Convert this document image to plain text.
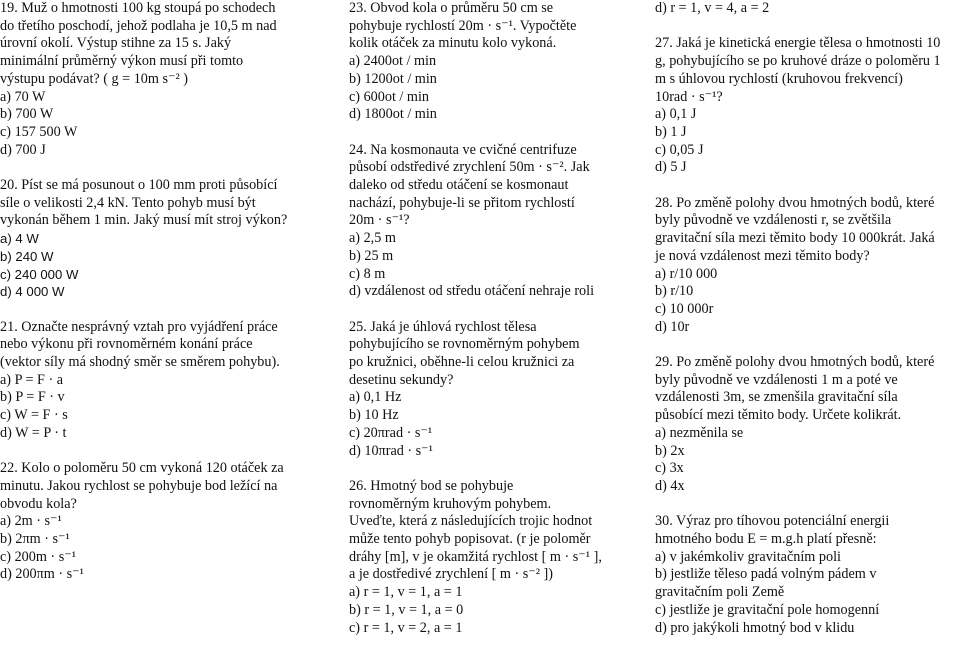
19. Muž o hmotnosti 100 kg stoupá po schodech
do třetího poschodí, jehož podlaha je 10,5 m nad
úrovní okolí. Výstup stihne za 15 s. Jaký
minimální průměrný výkon musí při tomto
výstupu podávat? ( g = 10m s⁻² )
a) 70 W
b) 700 W
c) 157 500 W
d) 700 J
20. Píst se má posunout o 100 mm proti působící
síle o velikosti 2,4 kN. Tento pohyb musí být
vykonán během 1 min. Jaký musí mít stroj výkon?
a) 4 W
b) 240 W
c) 240 000 W
d) 4 000 W
21. Označte nesprávný vztah pro vyjádření práce
nebo výkonu při rovnoměrném konání práce
(vektor síly má shodný směr se směrem pohybu).
a) P = F · a
b) P = F · v
c) W = F · s
d) W = P · t
22. Kolo o poloměru 50 cm vykoná 120 otáček za
minutu. Jakou rychlost se pohybuje bod ležící na
obvodu kola?
a) 2m · s⁻¹
b) 2πm · s⁻¹
c) 200m · s⁻¹
d) 200πm · s⁻¹
23. Obvod kola o průměru 50 cm se
pohybuje rychlostí 20m · s⁻¹. Vypočtěte
kolik otáček za minutu kolo vykoná.
a) 2400ot / min
b) 1200ot / min
c) 600ot / min
d) 1800ot / min
24. Na kosmonauta ve cvičné centrifuze
působí odstředivé zrychlení 50m · s⁻². Jak
daleko od středu otáčení se kosmonaut
nachází, pohybuje-li se přitom rychlostí
20m · s⁻¹?
a) 2,5 m
b) 25 m
c) 8 m
d) vzdálenost od středu otáčení nehraje roli
25. Jaká je úhlová rychlost tělesa
pohybujícího se rovnoměrným pohybem
po kružnici, oběhne-li celou kružnici za
desetinu sekundy?
a) 0,1 Hz
b) 10 Hz
c) 20πrad · s⁻¹
d) 10πrad · s⁻¹
26. Hmotný bod se pohybuje
rovnoměrným kruhovým pohybem.
Uveďte, která z následujících trojic hodnot
může tento pohyb popisovat. (r je poloměr
dráhy [m], v je okamžitá rychlost [ m · s⁻¹ ],
a je dostředivé zrychlení [ m · s⁻² ])
a) r = 1, v = 1, a = 1
b) r = 1, v = 1, a = 0
c) r = 1, v = 2, a = 1
d) r = 1, v = 4, a = 2
27. Jaká je kinetická energie tělesa o hmotnosti 10
g, pohybujícího se po kruhové dráze o poloměru 1
m s úhlovou rychlostí (kruhovou frekvencí)
10rad · s⁻¹?
a) 0,1 J
b) 1 J
c) 0,05 J
d) 5 J
28. Po změně polohy dvou hmotných bodů, které
byly původně ve vzdálenosti r, se zvětšila
gravitační síla mezi těmito body 10 000krát. Jaká
je nová vzdálenost mezi těmito body?
a) r/10 000
b) r/10
c) 10 000r
d) 10r
29. Po změně polohy dvou hmotných bodů, které
byly původně ve vzdálenosti 1 m a poté ve
vzdálenosti 3m, se zmenšila gravitační síla
působící mezi těmito body. Určete kolikrát.
a) nezměnila se
b) 2x
c) 3x
d) 4x
30. Výraz pro tíhovou potenciální energii
hmotného bodu E = m.g.h platí přesně:
a) v jakémkoliv gravitačním poli
b) jestliže těleso padá volným pádem v
gravitačním poli Země
c) jestliže je gravitační pole homogenní
d) pro jakýkoli hmotný bod v klidu
